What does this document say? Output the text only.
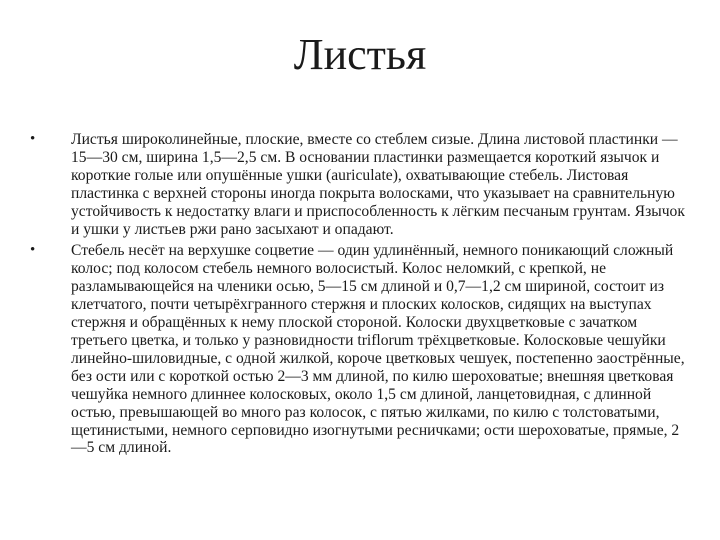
Листья
• Листья широколинейные, плоские, вместе со стеблем сизые. Длина листовой пластинки — 15—30 см, ширина 1,5—2,5 см. В основании пластинки размещается короткий язычок и короткие голые или опушённые ушки (auriculate), охватывающие стебель. Листовая пластинка с верхней стороны иногда покрыта волосками, что указывает на сравнительную устойчивость к недостатку влаги и приспособленность к лёгким песчаным грунтам. Язычок и ушки у листьев ржи рано засыхают и опадают.
• Стебель несёт на верхушке соцветие — один удлинённый, немного поникающий сложный колос; под колосом стебель немного волосистый. Колос неломкий, с крепкой, не разламывающейся на членики осью, 5—15 см длиной и 0,7—1,2 см шириной, состоит из клетчатого, почти четырёхгранного стержня и плоских колосков, сидящих на выступах стержня и обращённых к нему плоской стороной. Колоски двухцветковые с зачатком третьего цветка, и только у разновидности triflorum трёхцветковые. Колосковые чешуйки линейно-шиловидные, с одной жилкой, короче цветковых чешуек, постепенно заострённые, без ости или с короткой остью 2—3 мм длиной, по килю шероховатые; внешняя цветковая чешуйка немного длиннее колосковых, около 1,5 см длиной, ланцетовидная, с длинной остью, превышающей во много раз колосок, с пятью жилками, по килю с толстоватыми, щетинистыми, немного серповидно изогнутыми ресничками; ости шероховатые, прямые, 2—5 см длиной.
